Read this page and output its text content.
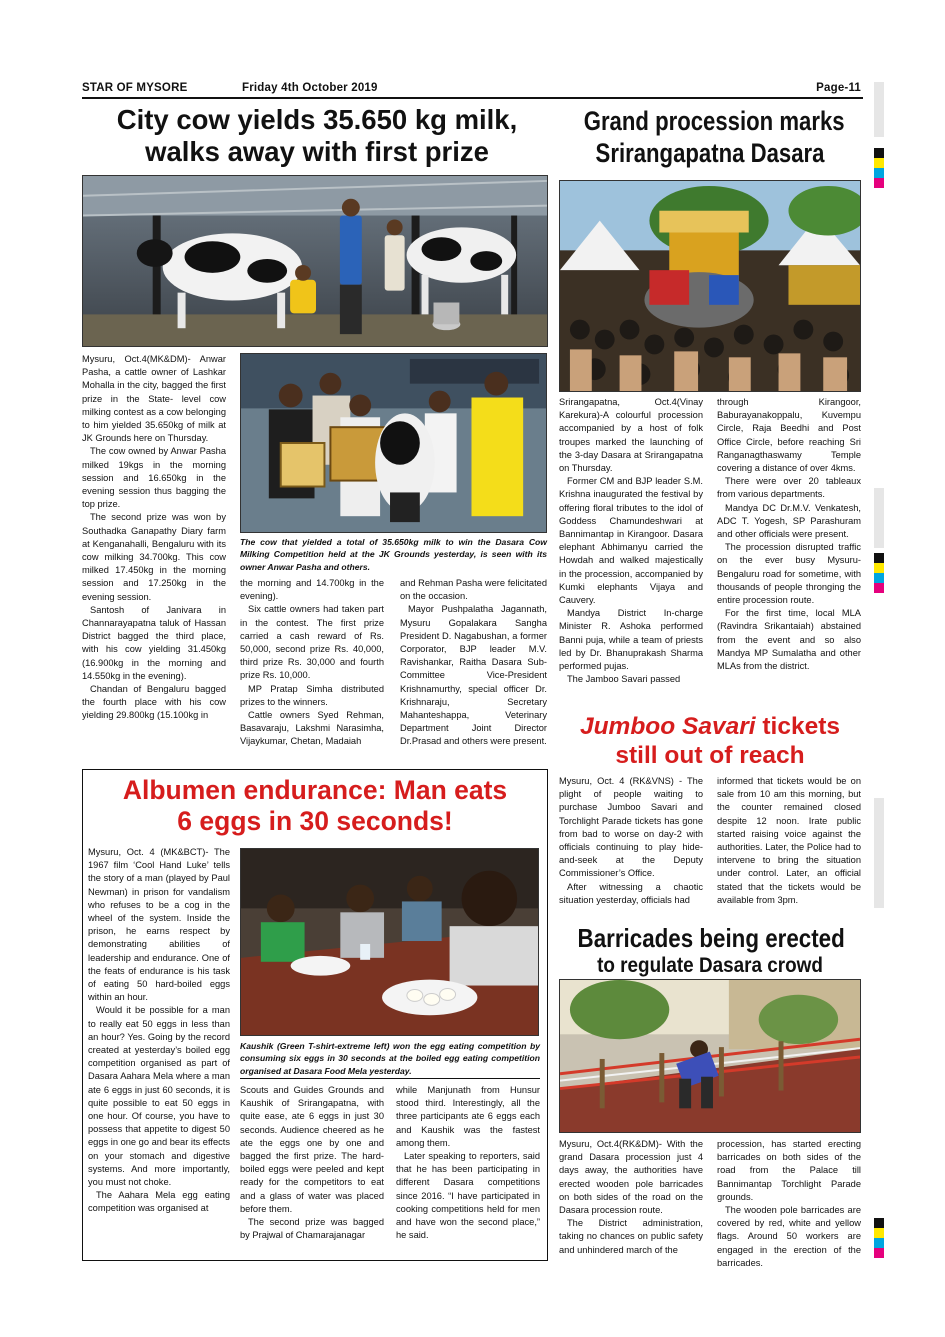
STAR OF MYSORE	Friday 4th October 2019	Page-11
City cow yields 35.650 kg milk,
walks away with first prize

Mysuru, Oct.4(MK&DM)- Anwar Pasha, a cattle owner of Lashkar Mohalla in the city, bagged the first prize in the State- level cow milking contest as a cow belonging to him yielded 35.650kg of milk at JK Grounds here on Thursday.

The cow owned by Anwar Pasha milked 19kgs in the morning session and 16.650kg in the evening session thus bagging the top prize.

The second prize was won by Southadka Ganapathy Diary farm at Kenganahalli, Bengaluru with its cow milking 34.700kg. This cow milked 17.450kg in the morning session and 17.250kg in the evening session.

Santosh of Janivara in Channarayapatna taluk of Hassan District bagged the third place, with his cow yielding 31.450kg (16.900kg in the morning and 14.550kg in the evening).

Chandan of Bengaluru bagged the fourth place with his cow yielding 29.800kg (15.100kg in

The cow that yielded a total of 35.650kg milk to win the Dasara Cow Milking Competition held at the JK Grounds yesterday, is seen with its owner Anwar Pasha and others.

the morning and 14.700kg in the evening).

Six cattle owners had taken part in the contest. The first prize carried a cash reward of Rs. 50,000, second prize Rs. 40,000, third prize Rs. 30,000 and fourth prize Rs. 10,000.

MP Pratap Simha distributed prizes to the winners.

Cattle owners Syed Rehman, Basavaraju, Lakshmi Narasimha, Vijaykumar, Chetan, Madaiah

and Rehman Pasha were felicitated on the occasion.

Mayor Pushpalatha Jagannath, Mysuru Gopalakara Sangha President D. Nagabushan, a former Corporator, BJP leader M.V. Ravishankar, Raitha Dasara Sub-Committee Vice-President Krishnamurthy, special officer Dr. Krishnaraju, Secretary Mahanteshappa, Veterinary Department Joint Director Dr.Prasad and others were present.

Grand procession marks
Srirangapatna Dasara

Srirangapatna, Oct.4(Vinay Karekura)-A colourful procession accompanied by a host of folk troupes marked the launching of the 3-day Dasara at Srirangapatna on Thursday.

Former CM and BJP leader S.M. Krishna inaugurated the festival by offering floral tributes to the idol of Goddess Chamundeshwari at Bannimantap in Kirangoor. Dasara elephant Abhimanyu carried the Howdah and walked majestically in the procession, accompanied by Kumki elephants Vijaya and Cauvery.

Mandya District In-charge Minister R. Ashoka performed Banni puja, while a team of priests led by Dr. Bhanuprakash Sharma performed pujas.

The Jamboo Savari passed

through Kirangoor, Baburayanakoppalu, Kuvempu Circle, Raja Beedhi and Post Office Circle, before reaching Sri Ranganagthaswamy Temple covering a distance of over 4kms.

There were over 20 tableaux from various departments.

Mandya DC Dr.M.V. Venkatesh, ADC T. Yogesh, SP Parashuram and other officials were present.

The procession disrupted traffic on the ever busy Mysuru-Bengaluru road for sometime, with thousands of people thronging the entire procession route.

For the first time, local MLA (Ravindra Srikantaiah) abstained from the event and so also Mandya MP Sumalatha and other MLAs from the district.

Albumen endurance: Man eats
6 eggs in 30 seconds!

Mysuru, Oct. 4 (MK&BCT)- The 1967 film ‘Cool Hand Luke’ tells the story of a man (played by Paul Newman) in prison for vandalism who refuses to be a cog in the wheel of the system. Inside the prison, he earns respect by demonstrating abilities of leadership and endurance. One of the feats of endurance is his task of eating 50 hard-boiled eggs within an hour.

Would it be possible for a man to really eat 50 eggs in less than an hour? Yes. Going by the record created at yesterday’s boiled egg competition organised as part of Dasara Aahara Mela where a man ate 6 eggs in just 60 seconds, it is quite possible to eat 50 eggs in one hour. Of course, you have to possess that appetite to digest 50 eggs in one go and bear its effects on your stomach and digestive systems. And more importantly, you must not choke.

The Aahara Mela egg eating competition was organised at

Kaushik (Green T-shirt-extreme left) won the egg eating competition by consuming six eggs in 30 seconds at the boiled egg eating competition organised at Dasara Food Mela yesterday.

Scouts and Guides Grounds and Kaushik of Srirangapatna, with quite ease, ate 6 eggs in just 30 seconds. Audience cheered as he ate the eggs one by one and bagged the first prize. The hard-boiled eggs were peeled and kept ready for the competitors to eat and a glass of water was placed before them.

The second prize was bagged by Prajwal of Chamarajanagar

while Manjunath from Hunsur stood third. Interestingly, all the three participants ate 6 eggs each and Kaushik was the fastest among them.

Later speaking to reporters, said that he has been participating in different Dasara competitions since 2016. “I have participated in cooking competitions held for men and have won the second place,” he said.

Jumboo Savari tickets
still out of reach

Mysuru, Oct. 4 (RK&VNS) - The plight of people waiting to purchase Jumboo Savari and Torchlight Parade tickets has gone from bad to worse on day-2 with officials continuing to play hide-and-seek at the Deputy Commissioner’s Office.

After witnessing a chaotic situation yesterday, officials had

informed that tickets would be on sale from 10 am this morning, but the counter remained closed despite 12 noon. Irate public started raising voice against the authorities. Later, the Police had to intervene to bring the situation under control. Later, an official stated that the tickets would be available from 3pm.

Barricades being erected
to regulate Dasara crowd

Mysuru, Oct.4(RK&DM)- With the grand Dasara procession just 4 days away, the authorities have erected wooden pole barricades on both sides of the road on the Dasara procession route.

The District administration, taking no chances on public safety and unhindered march of the

procession, has started erecting barricades on both sides of the road from the Palace till Bannimantap Torchlight Parade grounds.

The wooden pole barricades are covered by red, white and yellow flags. Around 50 workers are engaged in the erection of the barricades.
